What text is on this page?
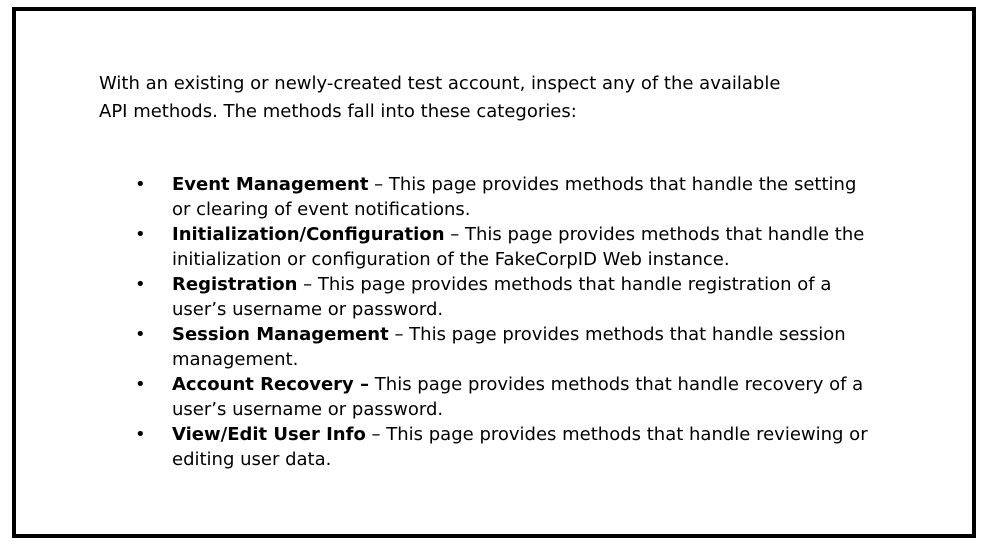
With an existing or newly-created test account, inspect any of the available
API methods. The methods fall into these categories:

•	Event Management – This page provides methods that handle the setting or clearing of event notifications.
•	Initialization/Configuration – This page provides methods that handle the initialization or configuration of the FakeCorpID Web instance.
•	Registration – This page provides methods that handle registration of a user’s username or password.
•	Session Management – This page provides methods that handle session management.
•	Account Recovery – This page provides methods that handle recovery of a user’s username or password.
•	View/Edit User Info – This page provides methods that handle reviewing or editing user data.
